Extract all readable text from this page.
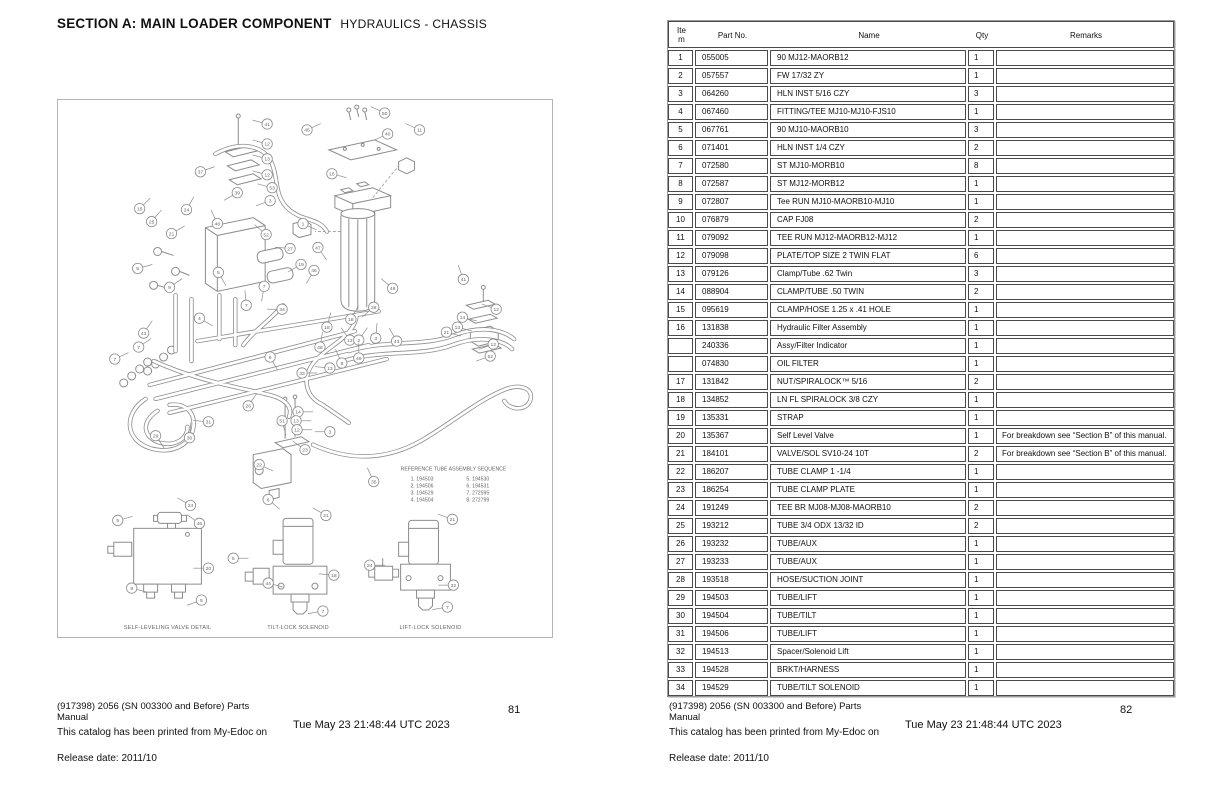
SECTION A: MAIN LOADER COMPONENT HYDRAULICS - CHASSIS
REFERENCE TUBE ASSEMBLY SEQUENCE
1. 194503
2. 194506
3. 194529
4. 194504
5. 194530
6. 194531
7. 272595
8. 272799
SELF-LEVELING VALVE DETAIL	TILT-LOCK SOLENOID	LIFT-LOCK SOLENOID
41
12
13
12
53
3
37
39
50
45
40
11
16
1
47
15
25
24
21
48
5
9
52
27
19
46
7
5
4
7
34	28
48
18
41
12
14
13
21
12
52
3
43
18
48
13 2
49
8
6
33
13
26
31
29	30
14
13
12	3
51
23
22
6
35
7
7
43
5
24
46
20
9
5
21
5
18
44
7
21
24
32
7
(917398) 2056 (SN 003300 and Before) Parts Manual
This catalog has been printed from My-Edoc on
Release date: 2011/10
Tue May 23 21:48:44 UTC 2023
81
Item	Part No.	Name	Qty	Remarks
1	055005	90 MJ12-MAORB12	1
2	057557	FW 17/32 ZY	1
3	064260	HLN INST 5/16 CZY	3
4	067460	FITTING/TEE MJ10-MJ10-FJS10	1
5	067761	90 MJ10-MAORB10	3
6	071401	HLN INST 1/4 CZY	2
7	072580	ST MJ10-MORB10	8
8	072587	ST MJ12-MORB12	1
9	072807	Tee RUN MJ10-MAORB10-MJ10	1
10	076879	CAP FJ08	2
11	079092	TEE RUN MJ12-MAORB12-MJ12	1
12	079098	PLATE/TOP SIZE 2 TWIN FLAT	6
13	079126	Clamp/Tube .62 Twin	3
14	088904	CLAMP/TUBE .50 TWIN	2
15	095619	CLAMP/HOSE 1.25 x .41 HOLE	1
16	131838	Hydraulic Filter Assembly	1
240336	Assy/Filter Indicator	1
074830	OIL FILTER	1
17	131842	NUT/SPIRALOCK™ 5/16	2
18	134852	LN FL SPIRALOCK 3/8 CZY	1
19	135331	STRAP	1
20	135367	Self Level Valve	1	For breakdown see “Section B” of this manual.
21	184101	VALVE/SOL SV10-24 10T	2	For breakdown see “Section B” of this manual.
22	186207	TUBE CLAMP 1 -1/4	1
23	186254	TUBE CLAMP PLATE	1
24	191249	TEE BR MJ08-MJ08-MAORB10	2
25	193212	TUBE 3/4 ODX 13/32 ID	2
26	193232	TUBE/AUX	1
27	193233	TUBE/AUX	1
28	193518	HOSE/SUCTION JOINT	1
29	194503	TUBE/LIFT	1
30	194504	TUBE/TILT	1
31	194506	TUBE/LIFT	1
32	194513	Spacer/Solenoid Lift	1
33	194528	BRKT/HARNESS	1
34	194529	TUBE/TILT SOLENOID	1
(917398) 2056 (SN 003300 and Before) Parts Manual
This catalog has been printed from My-Edoc on
Release date: 2011/10
Tue May 23 21:48:44 UTC 2023
82
